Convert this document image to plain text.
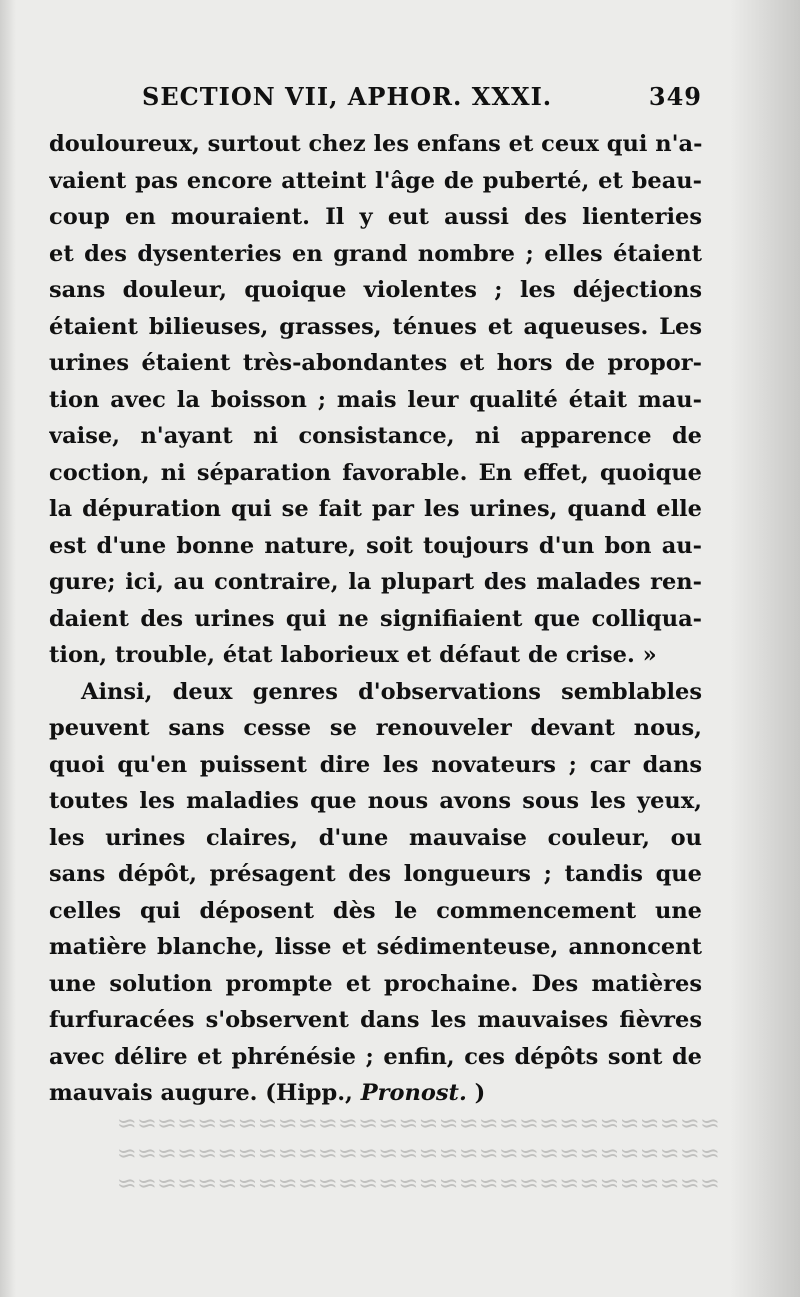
≈≈≈≈≈≈≈≈≈≈≈≈≈≈≈≈≈≈≈≈≈≈≈≈≈≈≈≈≈≈
≈≈≈≈≈≈≈≈≈≈≈≈≈≈≈≈≈≈≈≈≈≈≈≈≈≈≈≈≈≈
≈≈≈≈≈≈≈≈≈≈≈≈≈≈≈≈≈≈≈≈≈≈≈≈≈≈≈≈≈≈
SECTION VII, APHOR. XXXI.	349
douloureux, surtout chez les enfans et ceux qui n'a-
vaient pas encore atteint l'âge de puberté, et beau-
coup en mouraient. Il y eut aussi des lienteries
et des dysenteries en grand nombre ; elles étaient
sans douleur, quoique violentes ; les déjections
étaient bilieuses, grasses, ténues et aqueuses. Les
urines étaient très-abondantes et hors de propor-
tion avec la boisson ; mais leur qualité était mau-
vaise, n'ayant ni consistance, ni apparence de
coction, ni séparation favorable. En effet, quoique
la dépuration qui se fait par les urines, quand elle
est d'une bonne nature, soit toujours d'un bon au-
gure; ici, au contraire, la plupart des malades ren-
daient des urines qui ne signifiaient que colliqua-
tion, trouble, état laborieux et défaut de crise. »
Ainsi, deux genres d'observations semblables
peuvent sans cesse se renouveler devant nous,
quoi qu'en puissent dire les novateurs ; car dans
toutes les maladies que nous avons sous les yeux,
les urines claires, d'une mauvaise couleur, ou
sans dépôt, présagent des longueurs ; tandis que
celles qui déposent dès le commencement une
matière blanche, lisse et sédimenteuse, annoncent
une solution prompte et prochaine. Des matières
furfuracées s'observent dans les mauvaises fièvres
avec délire et phrénésie ; enfin, ces dépôts sont de
mauvais augure. (Hipp., Pronost. )
